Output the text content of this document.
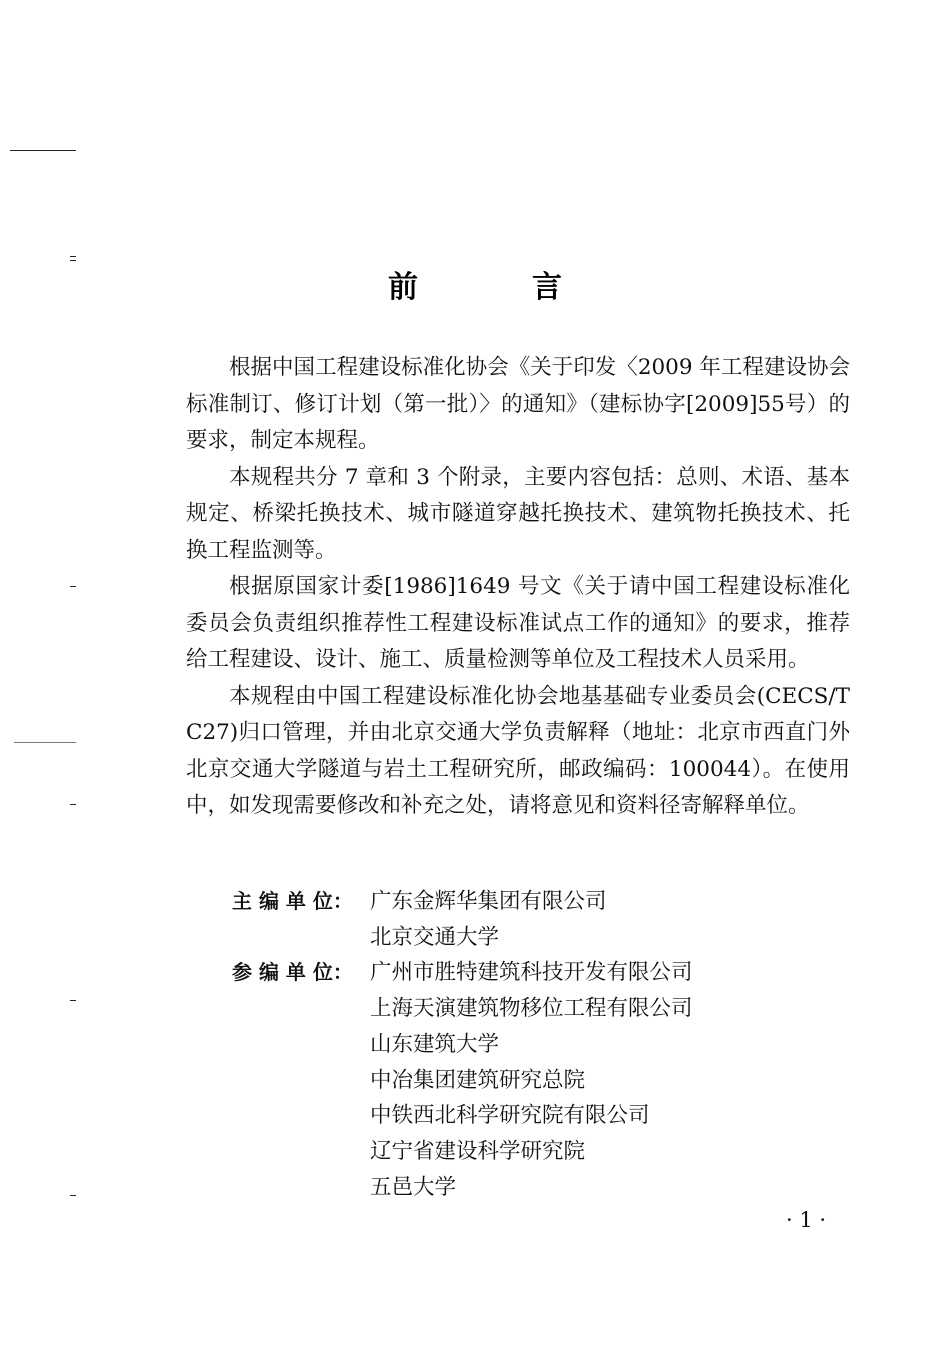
前　言

根据中国工程建设标准化协会《关于印发〈2009 年工程建设协会标准制订、修订计划（第一批）〉的通知》（建标协字[2009]55号）的要求，制定本规程。

本规程共分 7 章和 3 个附录，主要内容包括：总则、术语、基本规定、桥梁托换技术、城市隧道穿越托换技术、建筑物托换技术、托换工程监测等。

根据原国家计委[1986]1649 号文《关于请中国工程建设标准化委员会负责组织推荐性工程建设标准试点工作的通知》的要求，推荐给工程建设、设计、施工、质量检测等单位及工程技术人员采用。

本规程由中国工程建设标准化协会地基基础专业委员会(CECS/TC27)归口管理，并由北京交通大学负责解释（地址：北京市西直门外北京交通大学隧道与岩土工程研究所，邮政编码：100044）。在使用中，如发现需要修改和补充之处，请将意见和资料径寄解释单位。

主 编 单 位： 广东金辉华集团有限公司
北京交通大学
参 编 单 位： 广州市胜特建筑科技开发有限公司
上海天演建筑物移位工程有限公司
山东建筑大学
中冶集团建筑研究总院
中铁西北科学研究院有限公司
辽宁省建设科学研究院
五邑大学
· 1 ·
